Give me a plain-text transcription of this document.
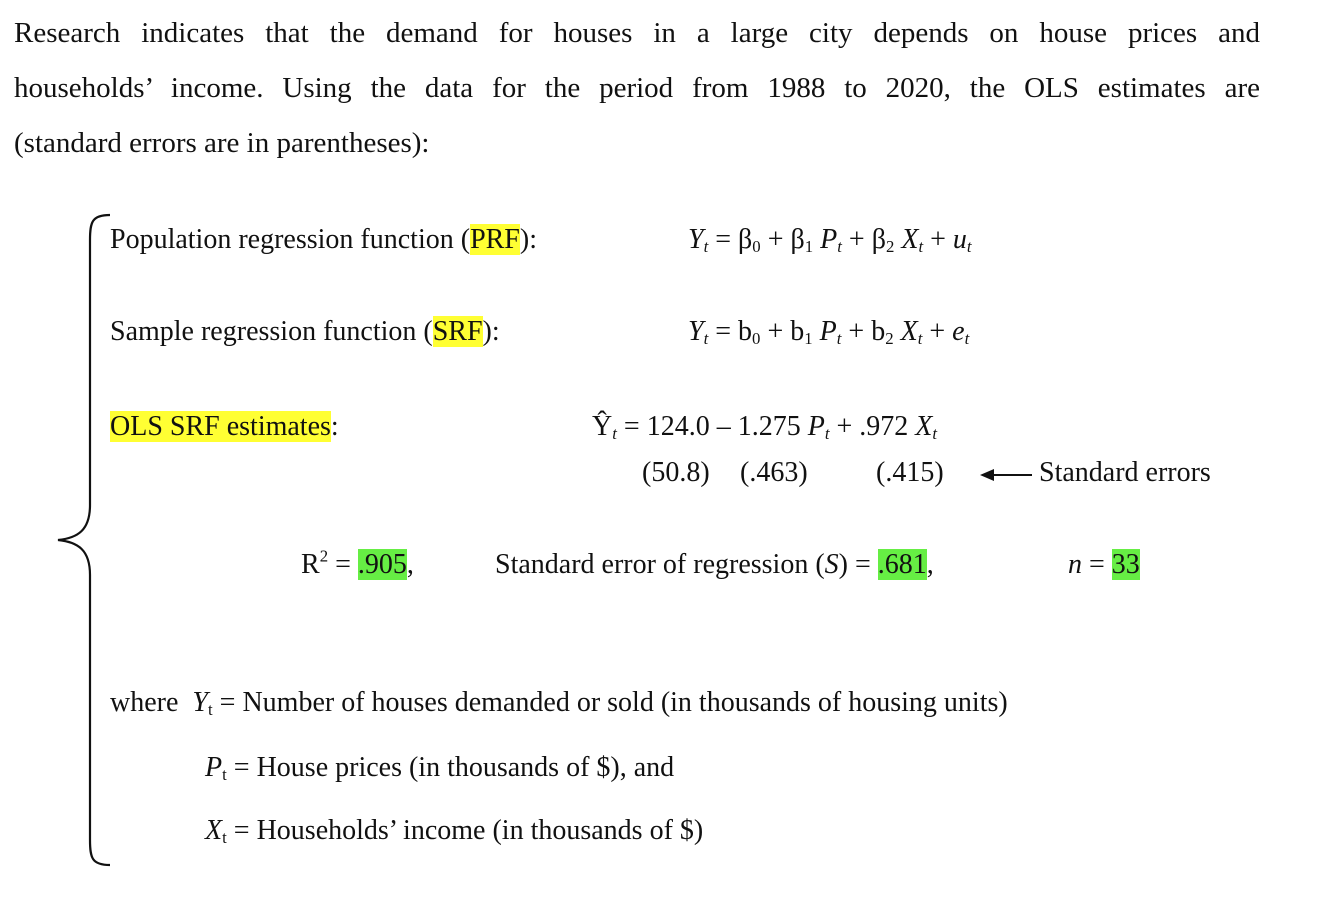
Research indicates that the demand for houses in a large city depends on house prices and
households’ income. Using the data for the period from 1988 to 2020, the OLS estimates are
(standard errors are in parentheses):
Population regression function (PRF):	$Y_t = \beta_0 + \beta_1$ $P_t + \beta_2$ $X_t + u_t$
Sample regression function (SRF):	$Y_t = b_0 + b_1$ $P_t + b_2$ $X_t + e_t$
OLS SRF estimates:	$Ŷ_t = 124.0 - 1.275$ $P_t + .972$ $X_t$
(50.8) (.463) (.415)	Standard errors
$R^2 = .905$,	Standard error of regression (S) = .681,	n = 33
where $Y_t$ = Number of houses demanded or sold (in thousands of housing units)
$P_t$ = House prices (in thousands of $), and
$X_t$ = Households’ income (in thousands of $)
